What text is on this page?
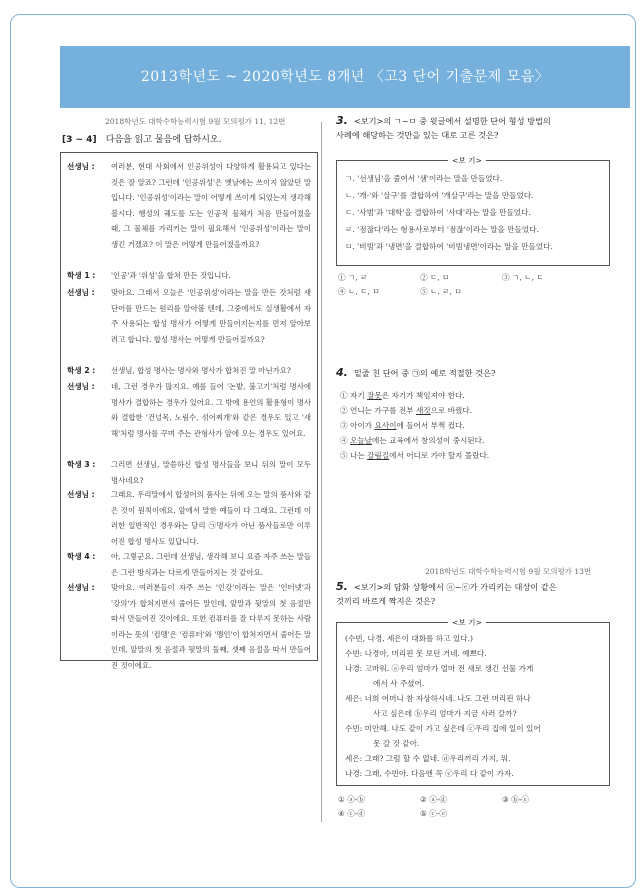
2013학년도 ~ 2020학년도 8개년 〈고3 단어 기출문제 모음〉
2018학년도 대학수학능력시험 9월 모의평가 11, 12번
[3 ~ 4] 다음을 읽고 물음에 답하시오.
선생님 :	여러분, 현대 사회에서 인공위성이 다양하게 활용되고 있다는 것은 잘 알죠? 그런데 '인공위성'은 옛날에는 쓰이지 않았던 말입니다. '인공위성'이라는 말이 어떻게 쓰이게 되었는지 생각해 봅시다. 행성의 궤도를 도는 인공적 물체가 처음 만들어졌을 때, 그 물체를 가리키는 말이 필요해서 '인공위성'이라는 말이 생긴 거겠죠? 이 말은 어떻게 만들어졌을까요?
학생 1 :	'인공'과 '위성'을 합쳐 만든 것입니다.
선생님 :	맞아요. 그래서 오늘은 '인공위성'이라는 말을 만든 것처럼 새 단어를 만드는 원리를 알아볼 텐데, 그중에서도 실생활에서 자주 사용되는 합성 명사가 어떻게 만들어지는지를 먼저 알아보려고 합니다. 합성 명사는 어떻게 만들어질까요?
학생 2 :	선생님, 합성 명사는 명사와 명사가 합쳐진 말 아닌가요?
선생님 :	네, 그런 경우가 많지요. 예를 들어 '논밭, 불고기'처럼 명사에 명사가 결합하는 경우가 있어요. 그 밖에 용언의 활용형이 명사와 결합한 '건널목, 노림수, 섞어찌개'와 같은 경우도 있고 '새해'처럼 명사를 꾸며 주는 관형사가 앞에 오는 경우도 있어요.
학생 3 :	그러면 선생님, 말씀하신 합성 명사들을 보니 뒤의 말이 모두 명사네요?
선생님 :	그래요. 우리말에서 합성어의 품사는 뒤에 오는 말의 품사와 같은 것이 원칙이에요. 앞에서 말한 예들이 다 그래요. 그런데 이러한 일반적인 경우와는 달리 ㉠명사가 아닌 품사들로만 이루어진 합성 명사도 있답니다.
학생 4 :	아, 그렇군요. 그런데 선생님, 생각해 보니 요즘 자주 쓰는 말들은 그런 방식과는 다르게 만들어지는 것 같아요.
선생님 :	맞아요. 여러분들이 자주 쓰는 '인강'이라는 말은 '인터넷'과 '강의'가 합쳐지면서 줄어든 말인데, 앞말과 뒷말의 첫 음절만 따서 만들어진 것이에요. 또한 컴퓨터를 잘 다루지 못하는 사람이라는 뜻의 '컴맹'은 '컴퓨터'와 '맹인'이 합쳐지면서 줄어든 말인데, 앞말의 첫 음절과 뒷말의 둘째, 셋째 음절을 따서 만들어진 것이에요.
3. <보기>의 ㄱ~ㅁ 중 윗글에서 설명한 단어 형성 방법의
사례에 해당하는 것만을 있는 대로 고른 것은?
<보 기>
ㄱ. '선생님'을 줄여서 '샘'이라는 말을 만들었다.
ㄴ. '개-'와 '살구'를 결합하여 '개살구'라는 말을 만들었다.
ㄷ. '사범'과 '대학'을 결합하여 '사대'라는 말을 만들었다.
ㄹ. '점잖다'라는 형용사로부터 '점잖'이라는 말을 만들었다.
ㅁ. '비빔'과 '냉면'을 결합하여 '비빔냉면'이라는 말을 만들었다.
① ㄱ, ㄹ	② ㄷ, ㅁ	③ ㄱ, ㄴ, ㄷ
④ ㄴ, ㄷ, ㅁ	⑤ ㄴ, ㄹ, ㅁ
4. 밑줄 친 단어 중 ㉠의 예로 적절한 것은?
① 자기 잘못은 자기가 책임져야 한다.
② 언니는 가구를 전부 새것으로 바꿨다.
③ 아이가 요사이에 들어서 부쩍 컸다.
④ 오늘날에는 교육에서 창의성이 중시된다.
⑤ 나는 갈림길에서 어디로 가야 할지 몰랐다.
2018학년도 대학수학능력시험 9월 모의평가 13번
5. <보기>의 담화 상황에서 ⓐ~ⓔ가 가리키는 대상이 같은
것끼리 바르게 짝지은 것은?
<보 기>
(수빈, 나경, 세은이 대화를 하고 있다.)
수빈: 나경아, 머리핀 못 보던 거네. 예쁘다.
나경: 고마워. ⓐ우리 엄마가 얼마 전 새로 생긴 선물 가게
에서 사 주셨어.
세은: 너희 어머니 참 자상하시네. 나도 그런 머리핀 하나
사고 싶은데 ⓑ우리 엄마가 지금 사러 갈까?
수빈: 미안해. 나도 같이 가고 싶은데 ⓒ우리 집에 일이 있어
못 갈 것 같아.
세은: 그래? 그럼 할 수 없네. ⓓ우리끼리 가지, 뭐.
나경: 그래, 수빈아. 다음엔 꼭 ⓔ우리 다 같이 가자.
① ⓐ-ⓑ	② ⓐ-ⓓ	③ ⓑ-ⓔ
④ ⓒ-ⓓ	⑤ ⓒ-ⓔ
